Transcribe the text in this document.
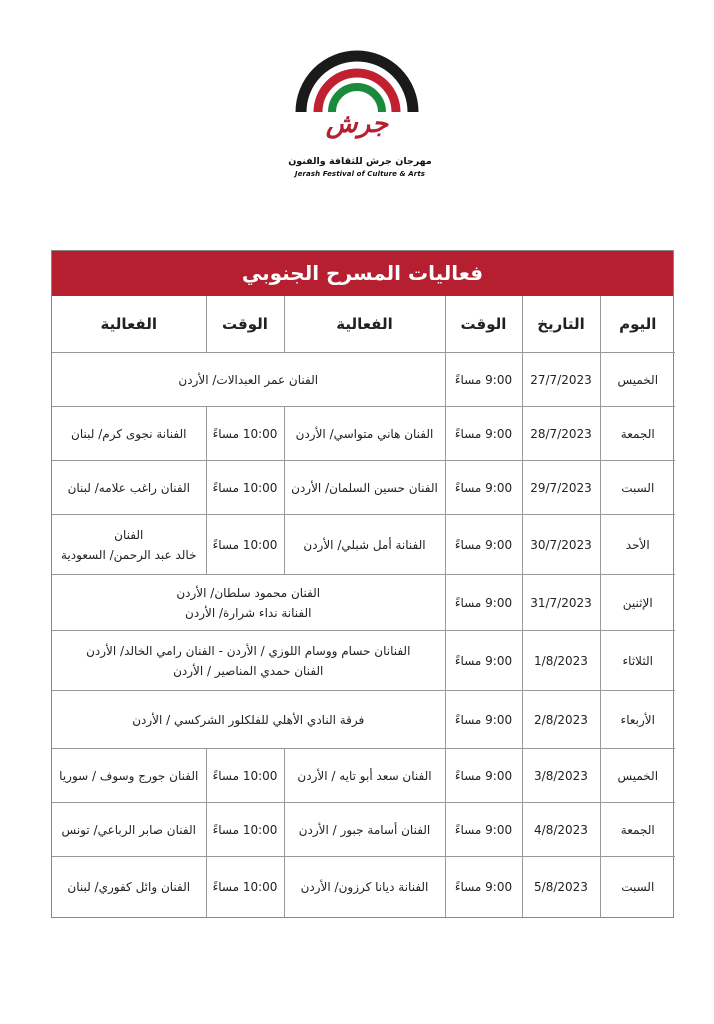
جرش
مهرجان جرش للثقافة والفنون
Jerash Festival of Culture & Arts
فعاليات المسرح الجنوبي
اليوم	التاريخ	الوقت	الفعالية	الوقت	الفعالية
الخميس	27/7/2023	9:00 مساءً	الفنان عمر العبدالات/ الأردن		
الجمعة	28/7/2023	9:00 مساءً	الفنان هاني متواسي/ الأردن	10:00 مساءً	الفنانة نجوى كرم/ لبنان
السبت	29/7/2023	9:00 مساءً	الفنان حسين السلمان/ الأردن	10:00 مساءً	الفنان راغب علامه/ لبنان
الأحد	30/7/2023	9:00 مساءً	الفنانة أمل شبلي/ الأردن	10:00 مساءً	الفنان
خالد عبد الرحمن/ السعودية

الإثنين	31/7/2023	9:00 مساءً	الفنان محمود سلطان/ الأردن
الفنانة نداء شرارة/ الأردن		

الثلاثاء	1/8/2023	9:00 مساءً	الفنانان حسام ووسام اللوزي / الأردن - الفنان رامي الخالد/ الأردن
الفنان حمدي المناصير / الأردن		

الأربعاء	2/8/2023	9:00 مساءً	فرقة النادي الأهلي للفلكلور الشركسي / الأردن		
الخميس	3/8/2023	9:00 مساءً	الفنان سعد أبو تايه / الأردن	10:00 مساءً	الفنان جورج وسوف / سوريا
الجمعة	4/8/2023	9:00 مساءً	الفنان أسامة جبور / الأردن	10:00 مساءً	الفنان صابر الرباعي/ تونس
السبت	5/8/2023	9:00 مساءً	الفنانة ديانا كرزون/ الأردن	10:00 مساءً	الفنان وائل كفوري/ لبنان
